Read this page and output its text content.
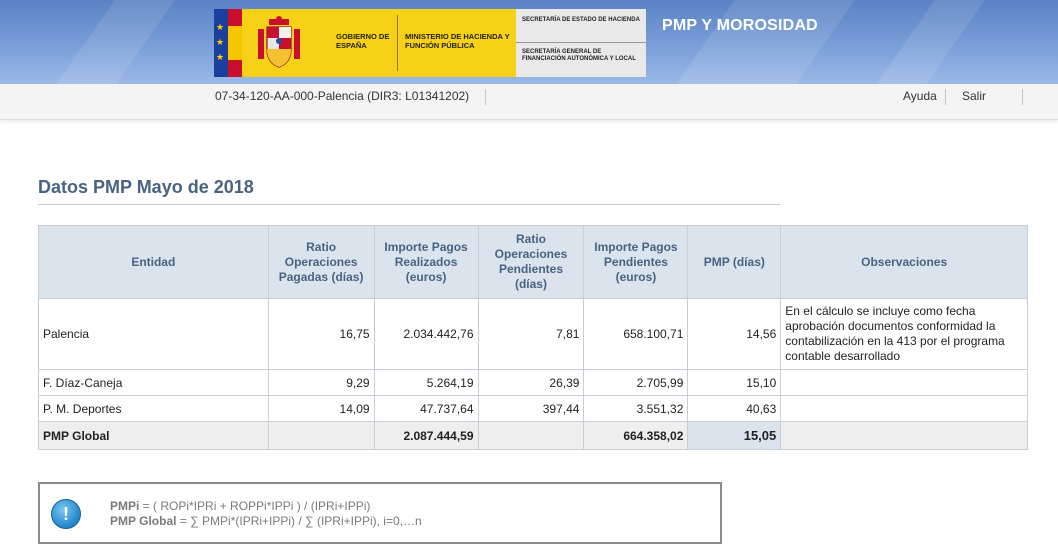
★
★
★
GOBIERNO DE ESPAÑA
MINISTERIO DE HACIENDA Y FUNCIÓN PÚBLICA
SECRETARÍA DE ESTADO DE HACIENDA
SECRETARÍA GENERAL DE FINANCIACIÓN AUTONÓMICA Y LOCAL
PMP Y MOROSIDAD
07-34-120-AA-000-Palencia (DIR3: L01341202)	Ayuda	Salir
Datos PMP Mayo de 2018
Entidad	Ratio Operaciones Pagadas (días)	Importe Pagos Realizados (euros)	Ratio Operaciones Pendientes (días)	Importe Pagos Pendientes (euros)	PMP (días)	Observaciones
Palencia	16,75	2.034.442,76	7,81	658.100,71	14,56	En el cálculo se incluye como fecha aprobación documentos conformidad la contabilización en la 413 por el programa contable desarrollado
F. Díaz-Caneja	9,29	5.264,19	26,39	2.705,99	15,10	
P. M. Deportes	14,09	47.737,64	397,44	3.551,32	40,63	
PMP Global		2.087.444,59		664.358,02	15,05	
!	PMPi = ( ROPi*IPRi + ROPPi*IPPi ) / (IPRi+IPPi)
PMP Global = ∑ PMPi*(IPRi+IPPi) / ∑ (IPRi+IPPi), i=0,…n
